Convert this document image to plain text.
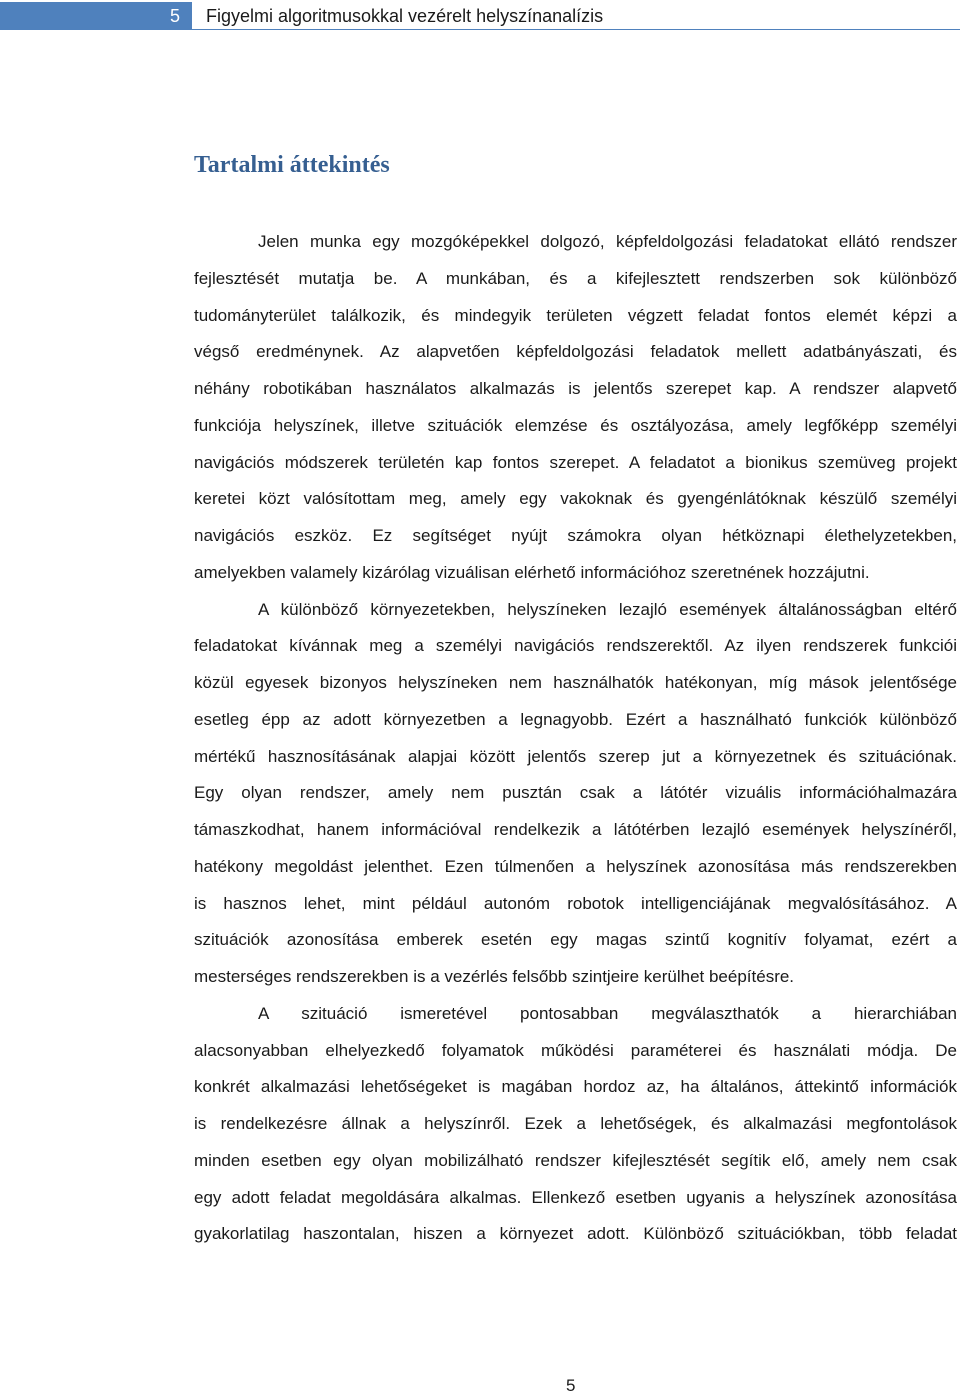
5 Figyelmi algoritmusokkal vezérelt helyszínanalízis
Tartalmi áttekintés
Jelen munka egy mozgóképekkel dolgozó, képfeldolgozási feladatokat ellátó rendszer
fejlesztését mutatja be. A munkában, és a kifejlesztett rendszerben sok különböző
tudományterület találkozik, és mindegyik területen végzett feladat fontos elemét képzi a
végső eredménynek. Az alapvetően képfeldolgozási feladatok mellett adatbányászati, és
néhány robotikában használatos alkalmazás is jelentős szerepet kap. A rendszer alapvető
funkciója helyszínek, illetve szituációk elemzése és osztályozása, amely legfőképp személyi
navigációs módszerek területén kap fontos szerepet. A feladatot a bionikus szemüveg projekt
keretei közt valósítottam meg, amely egy vakoknak és gyengénlátóknak készülő személyi
navigációs eszköz. Ez segítséget nyújt számokra olyan hétköznapi élethelyzetekben,
amelyekben valamely kizárólag vizuálisan elérhető információhoz szeretnének hozzájutni.
A különböző környezetekben, helyszíneken lezajló események általánosságban eltérő
feladatokat kívánnak meg a személyi navigációs rendszerektől. Az ilyen rendszerek funkciói
közül egyesek bizonyos helyszíneken nem használhatók hatékonyan, míg mások jelentősége
esetleg épp az adott környezetben a legnagyobb. Ezért a használható funkciók különböző
mértékű hasznosításának alapjai között jelentős szerep jut a környezetnek és szituációnak.
Egy olyan rendszer, amely nem pusztán csak a látótér vizuális információhalmazára
támaszkodhat, hanem információval rendelkezik a látótérben lezajló események helyszínéről,
hatékony megoldást jelenthet. Ezen túlmenően a helyszínek azonosítása más rendszerekben
is hasznos lehet, mint például autonóm robotok intelligenciájának megvalósításához. A
szituációk azonosítása emberek esetén egy magas szintű kognitív folyamat, ezért a
mesterséges rendszerekben is a vezérlés felsőbb szintjeire kerülhet beépítésre.
A szituáció ismeretével pontosabban megválaszthatók a hierarchiában
alacsonyabban elhelyezkedő folyamatok működési paraméterei és használati módja. De
konkrét alkalmazási lehetőségeket is magában hordoz az, ha általános, áttekintő információk
is rendelkezésre állnak a helyszínről. Ezek a lehetőségek, és alkalmazási megfontolások
minden esetben egy olyan mobilizálható rendszer kifejlesztését segítik elő, amely nem csak
egy adott feladat megoldására alkalmas. Ellenkező esetben ugyanis a helyszínek azonosítása
gyakorlatilag haszontalan, hiszen a környezet adott. Különböző szituációkban, több feladat
5
